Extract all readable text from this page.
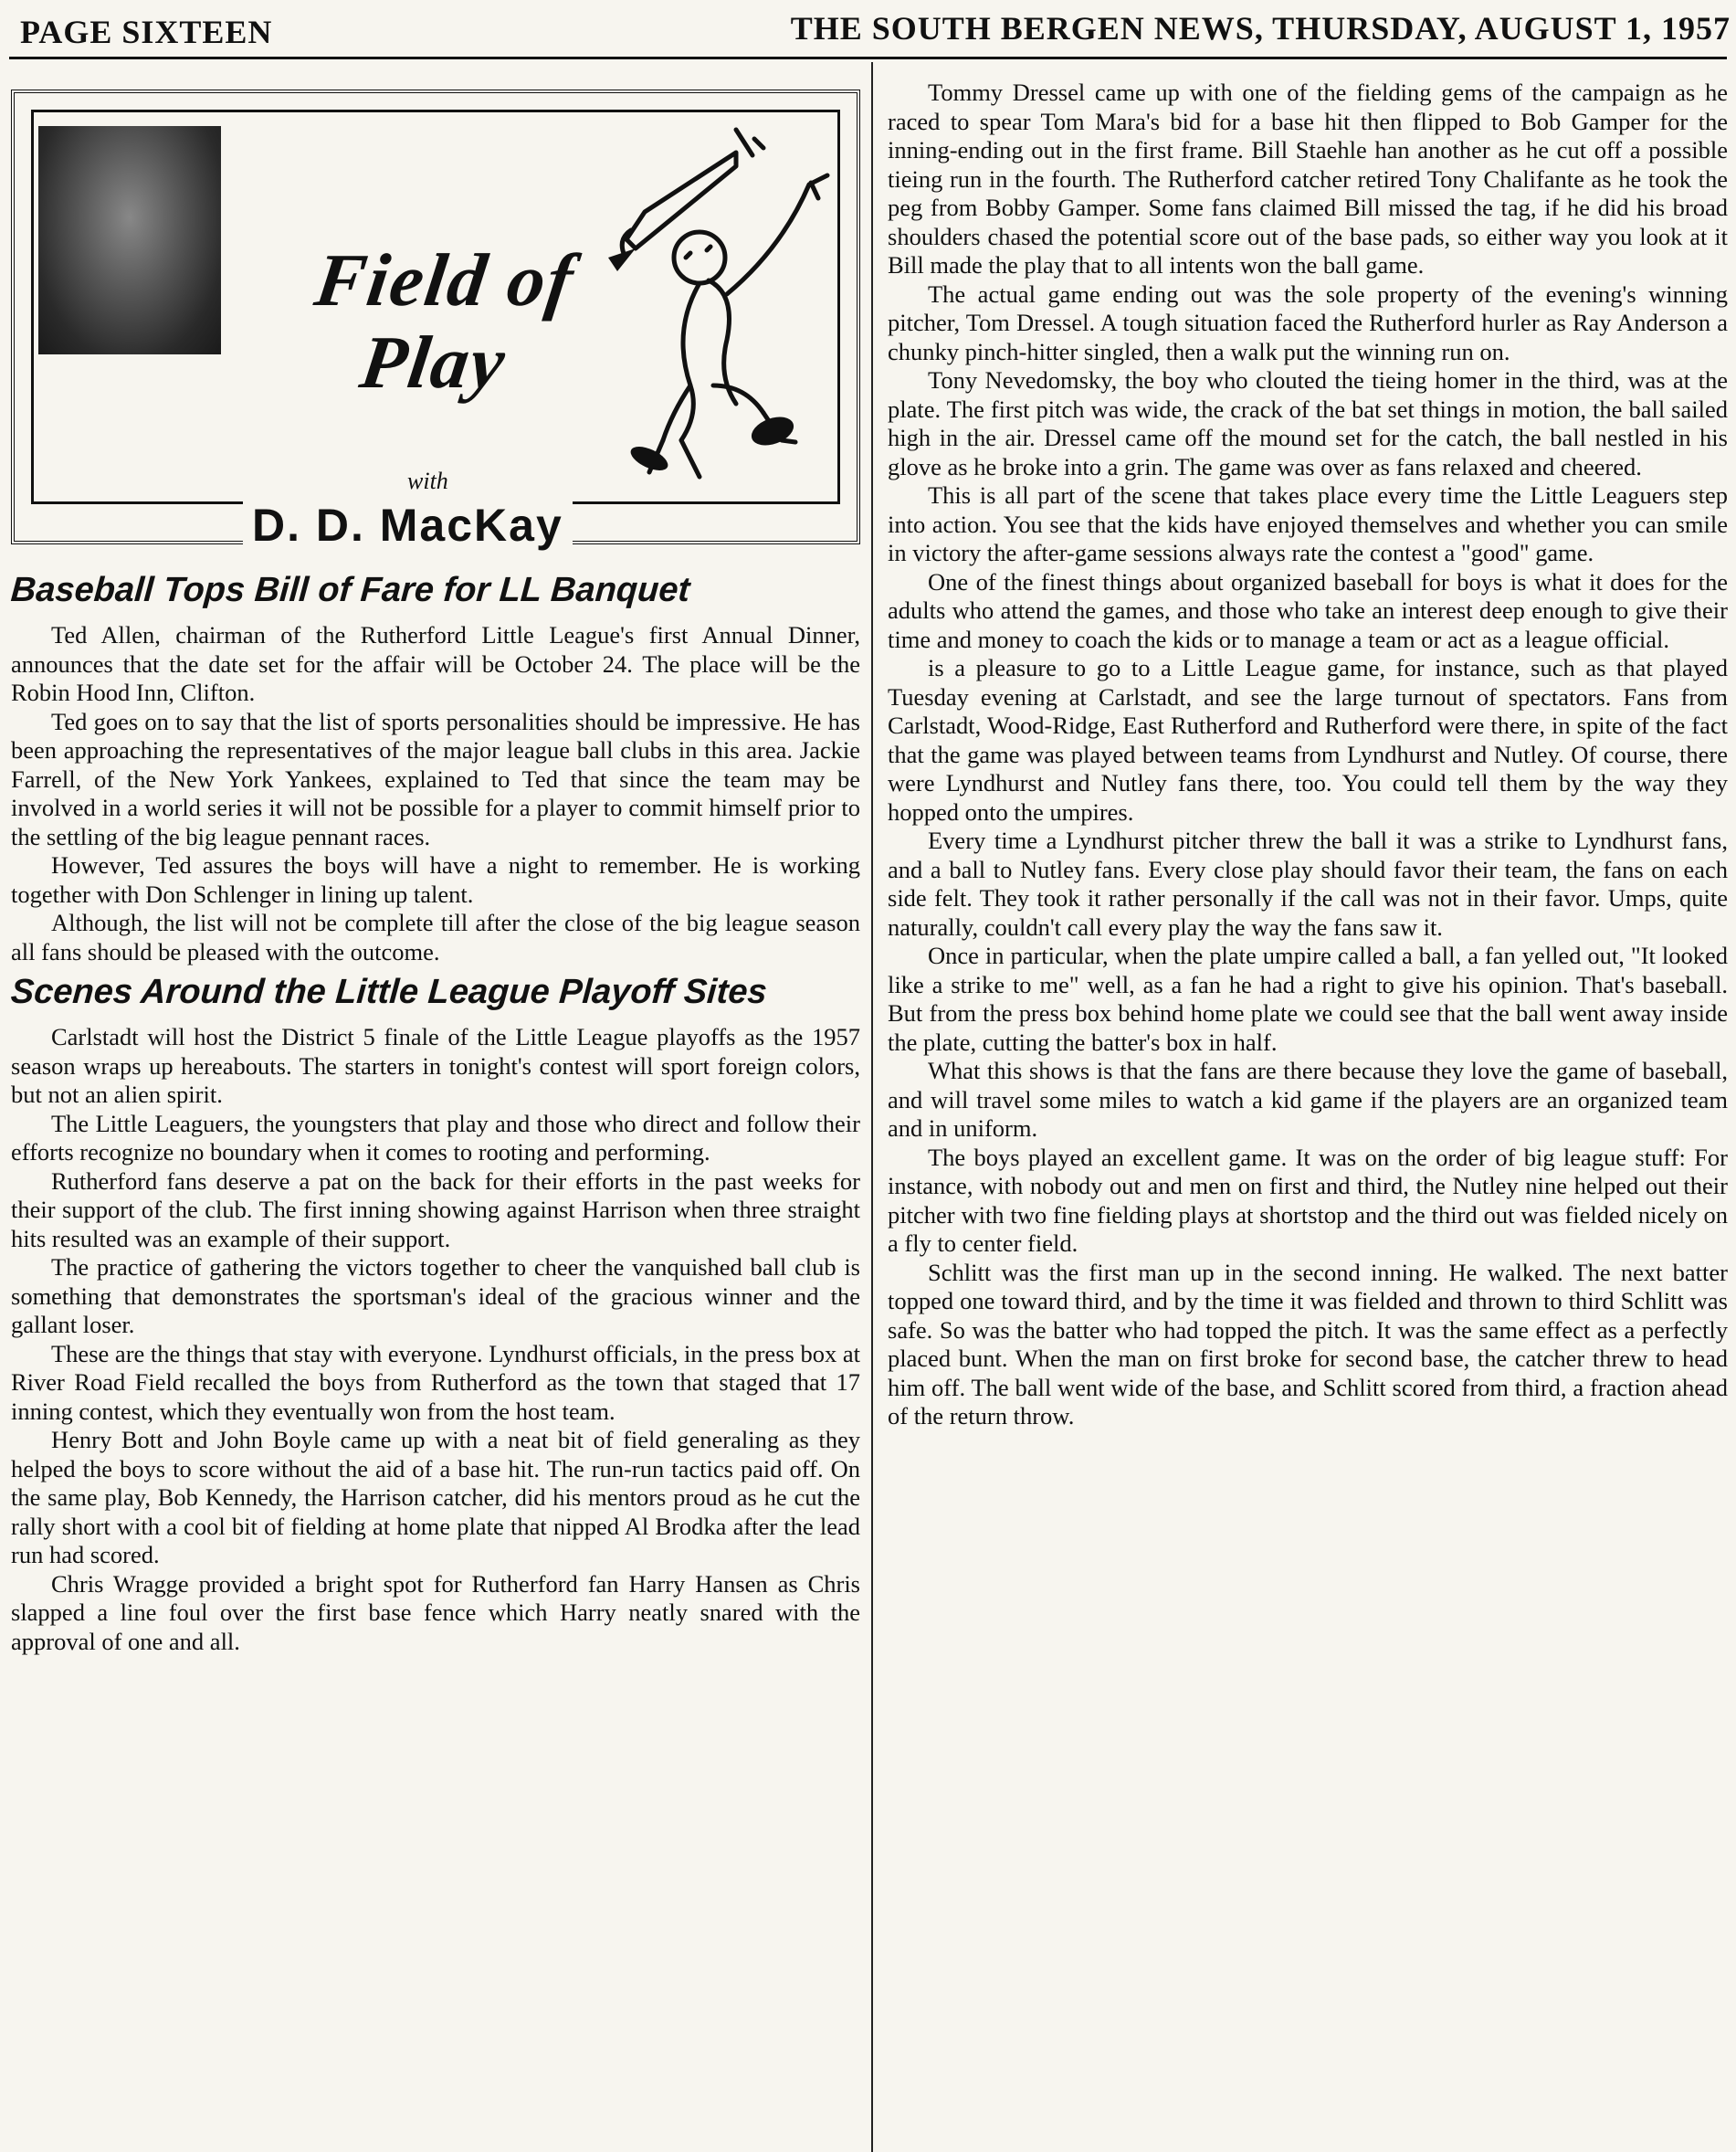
PAGE SIXTEEN	THE SOUTH BERGEN NEWS, THURSDAY, AUGUST 1, 1957
Field of
Play
with
D. D. MacKay
Baseball Tops Bill of Fare for LL Banquet

Ted Allen, chairman of the Rutherford Little League's first Annual Dinner, announces that the date set for the affair will be October 24. The place will be the Robin Hood Inn, Clifton.

Ted goes on to say that the list of sports personalities should be impressive. He has been approaching the representatives of the major league ball clubs in this area. Jackie Farrell, of the New York Yankees, explained to Ted that since the team may be involved in a world series it will not be possible for a player to commit himself prior to the settling of the big league pennant races.

However, Ted assures the boys will have a night to remember. He is working together with Don Schlenger in lining up talent.

Although, the list will not be complete till after the close of the big league season all fans should be pleased with the outcome.

Scenes Around the Little League Playoff Sites

Carlstadt will host the District 5 finale of the Little League playoffs as the 1957 season wraps up hereabouts. The starters in tonight's contest will sport foreign colors, but not an alien spirit.

The Little Leaguers, the youngsters that play and those who direct and follow their efforts recognize no boundary when it comes to rooting and performing.

Rutherford fans deserve a pat on the back for their efforts in the past weeks for their support of the club. The first inning showing against Harrison when three straight hits resulted was an example of their support.

The practice of gathering the victors together to cheer the vanquished ball club is something that demonstrates the sportsman's ideal of the gracious winner and the gallant loser.

These are the things that stay with everyone. Lyndhurst officials, in the press box at River Road Field recalled the boys from Rutherford as the town that staged that 17 inning contest, which they eventually won from the host team.

Henry Bott and John Boyle came up with a neat bit of field generaling as they helped the boys to score without the aid of a base hit. The run-run tactics paid off. On the same play, Bob Kennedy, the Harrison catcher, did his mentors proud as he cut the rally short with a cool bit of fielding at home plate that nipped Al Brodka after the lead run had scored.

Chris Wragge provided a bright spot for Rutherford fan Harry Hansen as Chris slapped a line foul over the first base fence which Harry neatly snared with the approval of one and all.

Tommy Dressel came up with one of the fielding gems of the campaign as he raced to spear Tom Mara's bid for a base hit then flipped to Bob Gamper for the inning-ending out in the first frame. Bill Staehle han another as he cut off a possible tieing run in the fourth. The Rutherford catcher retired Tony Chalifante as he took the peg from Bobby Gamper. Some fans claimed Bill missed the tag, if he did his broad shoulders chased the potential score out of the base pads, so either way you look at it Bill made the play that to all intents won the ball game.

The actual game ending out was the sole property of the evening's winning pitcher, Tom Dressel. A tough situation faced the Rutherford hurler as Ray Anderson a chunky pinch-hitter singled, then a walk put the winning run on.

Tony Nevedomsky, the boy who clouted the tieing homer in the third, was at the plate. The first pitch was wide, the crack of the bat set things in motion, the ball sailed high in the air. Dressel came off the mound set for the catch, the ball nestled in his glove as he broke into a grin. The game was over as fans relaxed and cheered.

This is all part of the scene that takes place every time the Little Leaguers step into action. You see that the kids have enjoyed themselves and whether you can smile in victory the after-game sessions always rate the contest a "good" game.

One of the finest things about organized baseball for boys is what it does for the adults who attend the games, and those who take an interest deep enough to give their time and money to coach the kids or to manage a team or act as a league official.

is a pleasure to go to a Little League game, for instance, such as that played Tuesday evening at Carlstadt, and see the large turnout of spectators. Fans from Carlstadt, Wood-Ridge, East Rutherford and Rutherford were there, in spite of the fact that the game was played between teams from Lyndhurst and Nutley. Of course, there were Lyndhurst and Nutley fans there, too. You could tell them by the way they hopped onto the umpires.

Every time a Lyndhurst pitcher threw the ball it was a strike to Lyndhurst fans, and a ball to Nutley fans. Every close play should favor their team, the fans on each side felt. They took it rather personally if the call was not in their favor. Umps, quite naturally, couldn't call every play the way the fans saw it.

Once in particular, when the plate umpire called a ball, a fan yelled out, "It looked like a strike to me" well, as a fan he had a right to give his opinion. That's baseball. But from the press box behind home plate we could see that the ball went away inside the plate, cutting the batter's box in half.

What this shows is that the fans are there because they love the game of baseball, and will travel some miles to watch a kid game if the players are an organized team and in uniform.

The boys played an excellent game. It was on the order of big league stuff: For instance, with nobody out and men on first and third, the Nutley nine helped out their pitcher with two fine fielding plays at shortstop and the third out was fielded nicely on a fly to center field.

Schlitt was the first man up in the second inning. He walked. The next batter topped one toward third, and by the time it was fielded and thrown to third Schlitt was safe. So was the batter who had topped the pitch. It was the same effect as a perfectly placed bunt. When the man on first broke for second base, the catcher threw to head him off. The ball went wide of the base, and Schlitt scored from third, a fraction ahead of the return throw.
